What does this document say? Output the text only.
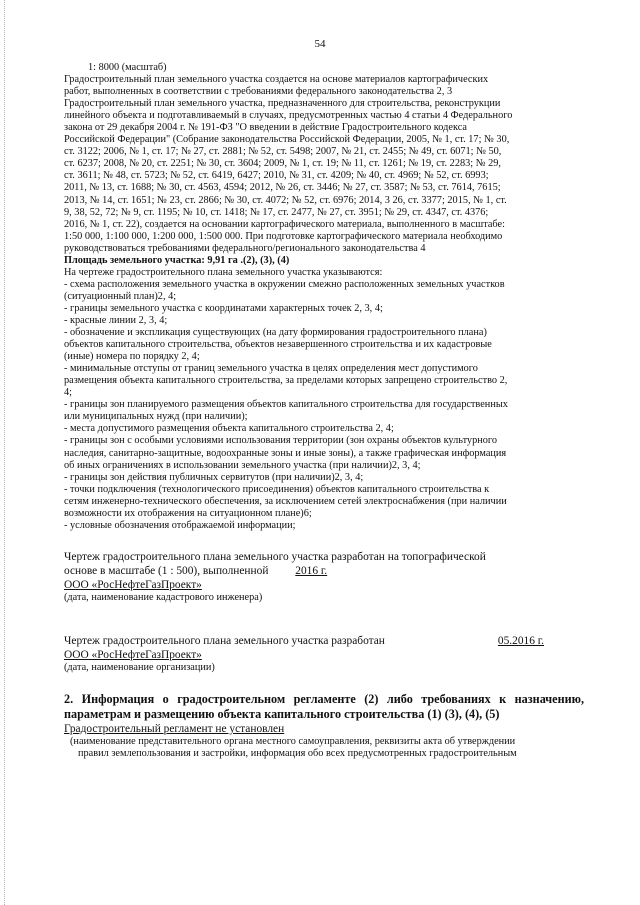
54

1: 8000 (масштаб)

Градостроительный план земельного участка создается на основе материалов картографических

работ, выполненных в соответствии с требованиями федерального законодательства 2, 3

Градостроительный план земельного участка, предназначенного для строительства, реконструкции

линейного объекта и подготавливаемый в случаях, предусмотренных частью 4 статьи 4 Федерального

закона от 29 декабря 2004 г. № 191-ФЗ "О введении в действие Градостроительного кодекса

Российской Федерации" (Собрание законодательства Российской Федерации, 2005, № 1, ст. 17; № 30,

ст. 3122; 2006, № 1, ст. 17; № 27, ст. 2881; № 52, ст. 5498; 2007, № 21, ст. 2455; № 49, ст. 6071; № 50,

ст. 6237; 2008, № 20, ст. 2251; № 30, ст. 3604; 2009, № 1, ст. 19; № 11, ст. 1261; № 19, ст. 2283; № 29,

ст. 3611; № 48, ст. 5723; № 52, ст. 6419, 6427; 2010, № 31, ст. 4209; № 40, ст. 4969; № 52, ст. 6993;

2011, № 13, ст. 1688; № 30, ст. 4563, 4594; 2012, № 26, ст. 3446; № 27, ст. 3587; № 53, ст. 7614, 7615;

2013, № 14, ст. 1651; № 23, ст. 2866; № 30, ст. 4072; № 52, ст. 6976; 2014, 3 26, ст. 3377; 2015, № 1, ст.

9, 38, 52, 72; № 9, ст. 1195; № 10, ст. 1418; № 17, ст. 2477, № 27, ст. 3951; № 29, ст. 4347, ст. 4376;

2016, № 1, ст. 22), создается на основании картографического материала, выполненного в масштабе:

1:50 000, 1:100 000, 1:200 000, 1:500 000. При подготовке картографического материала необходимо

руководствоваться требованиями федерального/регионального законодательства 4

Площадь земельного участка: 9,91 га .(2), (3), (4)

На чертеже градостроительного плана земельного участка указываются:

- схема расположения земельного участка в окружении смежно расположенных земельных участков

(ситуационный план)2, 4;

- границы земельного участка с координатами характерных точек 2, 3, 4;

- красные линии 2, 3, 4;

- обозначение и экспликация существующих (на дату формирования градостроительного плана)

объектов капитального строительства, объектов незавершенного строительства и их кадастровые

(иные) номера по порядку 2, 4;

- минимальные отступы от границ земельного участка в целях определения мест допустимого

размещения объекта капитального строительства, за пределами которых запрещено строительство 2,

4;

- границы зон планируемого размещения объектов капитального строительства для государственных

или муниципальных нужд (при наличии);

- места допустимого размещения объекта капитального строительства 2, 4;

- границы зон с особыми условиями использования территории (зон охраны объектов культурного

наследия, санитарно-защитные, водоохранные зоны и иные зоны), а также графическая информация

об иных ограничениях в использовании земельного участка (при наличии)2, 3, 4;

- границы зон действия публичных сервитутов (при наличии)2, 3, 4;

- точки подключения (технологического присоединения) объектов капитального строительства к

сетям инженерно-технического обеспечения, за исключением сетей электроснабжения (при наличии

возможности их отображения на ситуационном плане)6;

- условные обозначения отображаемой информации;

Чертеж градостроительного плана земельного участка разработан на топографической

основе в масштабе (1 : 500), выполненной 2016 г.

ООО «РосНефтеГазПроект»

(дата, наименование кадастрового инженера)

Чертеж градостроительного плана земельного участка разработан	05.2016 г.

ООО «РосНефтеГазПроект»

(дата, наименование организации)

2. Информация о градостроительном регламенте (2) либо требованиях к назначению, параметрам и размещению объекта капитального строительства (1) (3), (4), (5)

Градостроительный регламент не установлен

(наименование представительного органа местного самоуправления, реквизиты акта об утверждении

правил землепользования и застройки, информация обо всех предусмотренных градостроительным
